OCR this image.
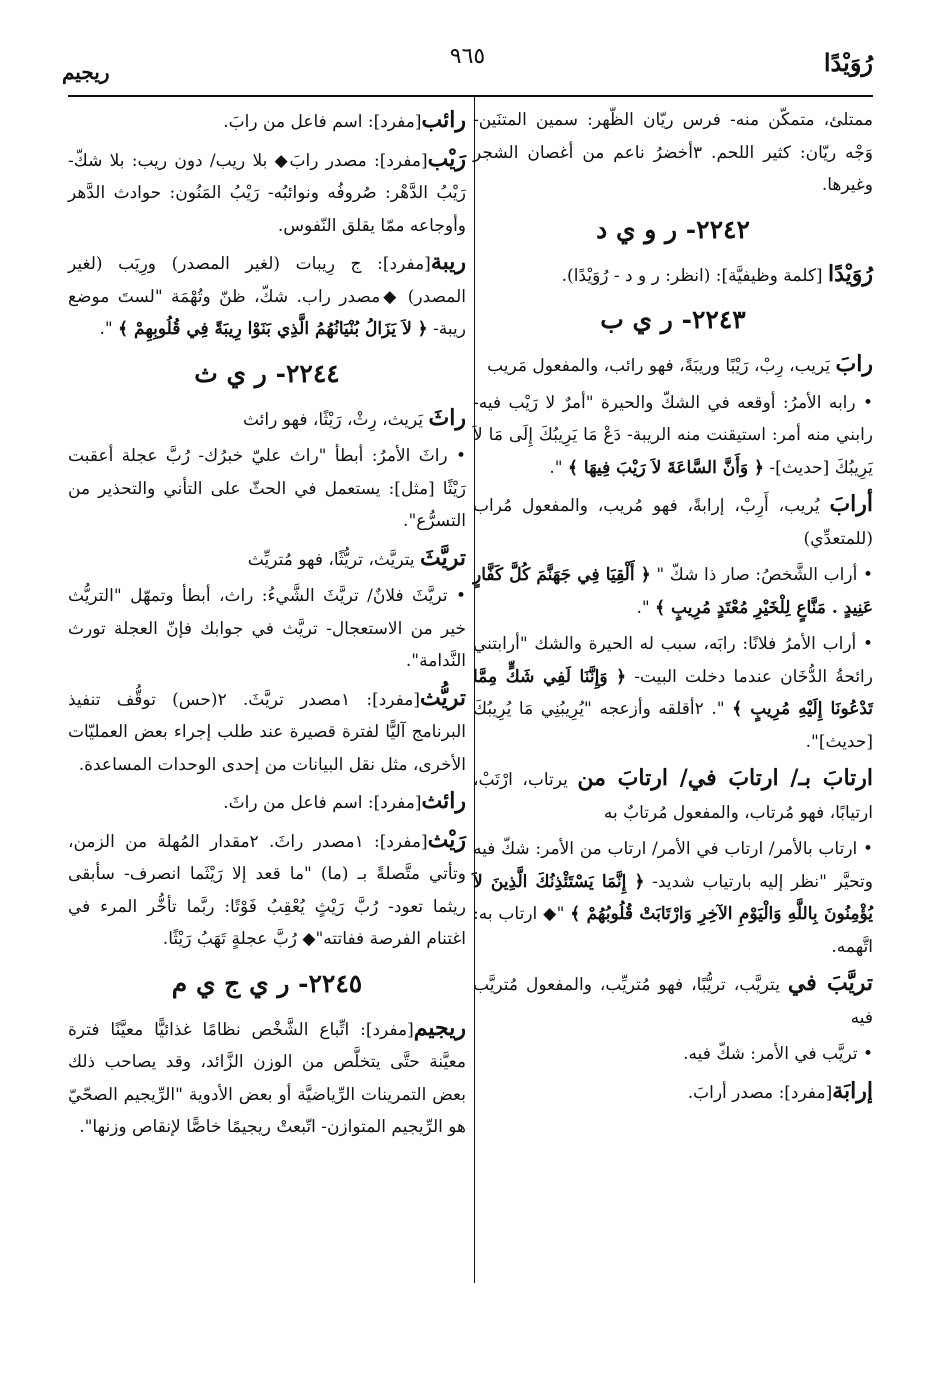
رُوَيْدًا
٩٦٥
ريجيم

ممتلئ، متمكّن منه- فرس ريّان الظّهر: سمين المتنَين- وَجْه ريّان: كثير اللحم. ٣أخضرُ ناعم من أغصان الشجر وغيرها.

٢٢٤٢- ر و ي د

رُوَيْدًا [كلمة وظيفيَّة]: (انظر: ر و د - رُوَيْدًا).

٢٢٤٣- ر ي ب

رابَ يَريب، رِبْ، رَيْبًا وريبَةً، فهو رائب، والمفعول مَريب

• رابه الأمرُ: أوقعه في الشكّ والحيرة "أمرٌ لا رَيْب فيه- رابني منه أمر: استيقنت منه الريبة- دَعْ مَا يَرِيبُكَ إِلَى مَا لاَ يَرِيبُكَ [حديث]- ﴿ وَأَنَّ السَّاعَةَ لاَ رَيْبَ فِيهَا ﴾ ".

أرابَ يُريب، أَرِبْ، إرابةً، فهو مُريب، والمفعول مُراب (للمتعدِّي)

• أراب الشَّخصُ: صار ذا شكّ " ﴿ أَلْقِيَا فِي جَهَنَّمَ كُلَّ كَفَّارٍ عَنِيدٍ . مَنَّاعٍ لِلْخَيْرِ مُعْتَدٍ مُرِيبٍ ﴾ ".

• أراب الأمرُ فلانًا: رابَه، سبب له الحيرة والشك "أرابتني رائحةُ الدُّخَان عندما دخلت البيت- ﴿ وَإِنَّنَا لَفِي شَكٍّ مِمَّا تَدْعُونَا إِلَيْهِ مُرِيبٍ ﴾ ". ٢أقلقه وأزعجه "يُرِيبُنِي مَا يُرِيبُكَ [حديث]".

ارتابَ بـ/ ارتابَ في/ ارتابَ من يرتاب، ارْتَبْ، ارتيابًا، فهو مُرتاب، والمفعول مُرتابٌ به

• ارتاب بالأمر/ ارتاب في الأمر/ ارتاب من الأمر: شكّ فيه وتحيَّر "نظر إليه بارتياب شديد- ﴿ إِنَّمَا يَسْتَئْذِنُكَ الَّذِينَ لاَ يُؤْمِنُونَ بِاللَّهِ وَالْيَوْمِ الآخِرِ وَارْتَابَتْ قُلُوبُهُمْ ﴾ "◆ ارتاب به: اتَّهمه.

تريَّبَ في يتريَّب، تريُّبًا، فهو مُتريِّب، والمفعول مُتريَّب فيه

• تريَّب في الأمر: شكّ فيه.

إرابَة[مفرد]: مصدر أرابَ.

رائب[مفرد]: اسم فاعل من رابَ.

رَيْب[مفرد]: مصدر رابَ◆ بلا ريب/ دون ريب: بلا شكّ- رَيْبُ الدَّهْر: صُروفُه ونوائبُه- رَيْبُ المَنُون: حوادث الدَّهر وأوجاعه ممّا يقلق النّفوس.

ريبة[مفرد]: ج رِيبات (لغير المصدر) ورِيَب (لغير المصدر) ◆مصدر راب. شكّ، ظنّ وتُهْمَة "لستَ موضع ريبة- ﴿ لاَ يَزَالُ بُنْيَانُهُمُ الَّذِي بَنَوْا رِيبَةً فِي قُلُوبِهِمْ ﴾ ".

٢٢٤٤- ر ي ث

راثَ يَريث، رِثْ، رَيْثًا، فهو رائث

• راثَ الأمرُ: أبطأ "راث عليّ خبرُك- رُبَّ عجلة أعقبت رَيْثًا [مثل]: يستعمل في الحثّ على التأني والتحذير من التسرُّع".

تريَّثَ يتريَّث، تريُّثًا، فهو مُتريِّث

• تريَّثَ فلانٌ/ تريَّثَ الشَّيءُ: راث، أبطأ وتمهّل "التريُّث خير من الاستعجال- تريَّث في جوابك فإنّ العجلة تورث النَّدامة".

تريُّث[مفرد]: ١مصدر تريَّثَ. ٢(حس) توقُّف تنفيذ البرنامج آليًّا لفترة قصيرة عند طلب إجراء بعض العمليّات الأخرى، مثل نقل البيانات من إحدى الوحدات المساعدة.

رائث[مفرد]: اسم فاعل من راثَ.

رَيْث[مفرد]: ١مصدر راثَ. ٢مقدار المُهلة من الزمن، وتأتي متَّصلةً بـ (ما) "ما قعد إلا رَيْثَما انصرف- سأبقى ريثما تعود- رُبَّ رَيْثٍ يُعْقِبُ فَوْتًا: ربَّما تأخُّر المرء في اغتنام الفرصة ففاتته"◆ رُبَّ عجلةٍ تَهَبُ رَيْثًا.

٢٢٤٥- ر ي ج ي م

ريجيم[مفرد]: اتِّباع الشَّخْص نظامًا غذائيًّا معيَّنًا فترة معيَّنة حتَّى يتخلَّص من الوزن الزَّائد، وقد يصاحب ذلك بعض التمرينات الرِّياضيَّة أو بعض الأدوية "الرِّيجيم الصحّيّ هو الرِّيجيم المتوازن- اتّبعتْ ريجيمًا خاصًّا لإنقاص وزنها".
